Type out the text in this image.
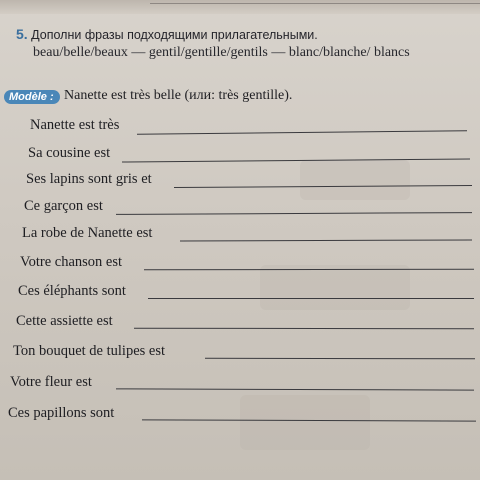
5. Дополни фразы подходящими прилагательными.
beau/belle/beaux — gentil/gentille/gentils — blanc/blanche/ blancs
Modèle : Nanette est très belle (или: très gentille).
Nanette est très
Sa cousine est
Ses lapins sont gris et
Ce garçon est
La robe de Nanette est
Votre chanson est
Ces éléphants sont
Cette assiette est
Ton bouquet de tulipes est
Votre fleur est
Ces papillons sont
